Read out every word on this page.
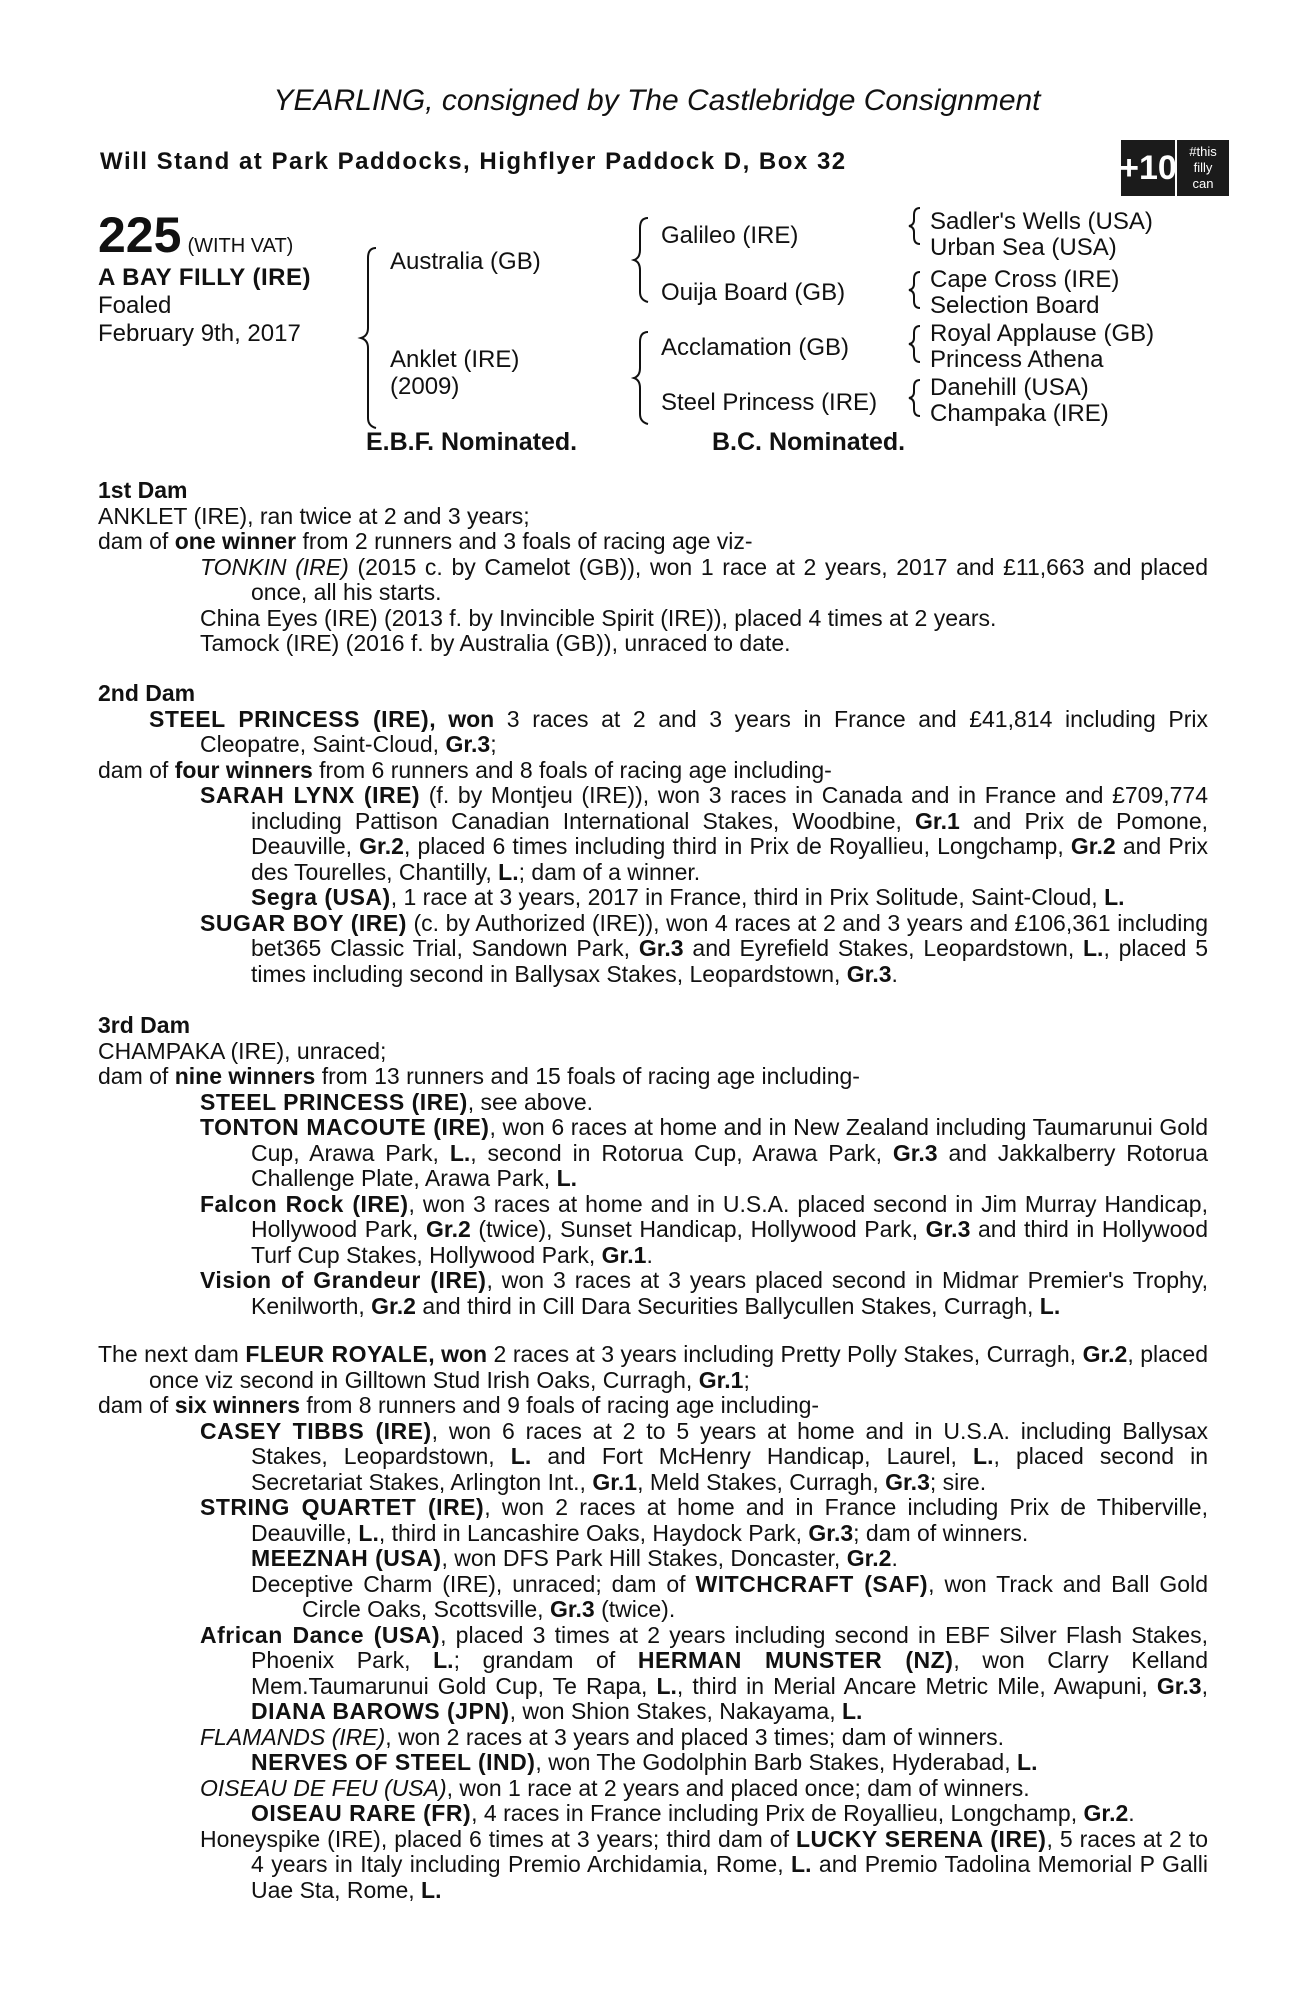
YEARLING, consigned by The Castlebridge Consignment
Will Stand at Park Paddocks, Highflyer Paddock D, Box 32	+10 #this
filly
can
225 (WITH VAT)
A BAY FILLY (IRE)
Foaled
February 9th, 2017
Australia (GB)
Anklet (IRE)
(2009)
Galileo (IRE)
Ouija Board (GB)
Acclamation (GB)
Steel Princess (IRE)
Sadler's Wells (USA)
Urban Sea (USA)
Cape Cross (IRE)
Selection Board
Royal Applause (GB)
Princess Athena
Danehill (USA)
Champaka (IRE)
E.B.F. Nominated.	B.C. Nominated.

1st Dam

ANKLET (IRE), ran twice at 2 and 3 years;

dam of one winner from 2 runners and 3 foals of racing age viz-

TONKIN (IRE) (2015 c. by Camelot (GB)), won 1 race at 2 years, 2017 and £11,663 and placed once, all his starts.

China Eyes (IRE) (2013 f. by Invincible Spirit (IRE)), placed 4 times at 2 years.

Tamock (IRE) (2016 f. by Australia (GB)), unraced to date.

2nd Dam

STEEL PRINCESS (IRE), won 3 races at 2 and 3 years in France and £41,814 including Prix Cleopatre, Saint-Cloud, Gr.3;

dam of four winners from 6 runners and 8 foals of racing age including-

SARAH LYNX (IRE) (f. by Montjeu (IRE)), won 3 races in Canada and in France and £709,774 including Pattison Canadian International Stakes, Woodbine, Gr.1 and Prix de Pomone, Deauville, Gr.2, placed 6 times including third in Prix de Royallieu, Longchamp, Gr.2 and Prix des Tourelles, Chantilly, L.; dam of a winner.

Segra (USA), 1 race at 3 years, 2017 in France, third in Prix Solitude, Saint-Cloud, L.

SUGAR BOY (IRE) (c. by Authorized (IRE)), won 4 races at 2 and 3 years and £106,361 including bet365 Classic Trial, Sandown Park, Gr.3 and Eyrefield Stakes, Leopardstown, L., placed 5 times including second in Ballysax Stakes, Leopardstown, Gr.3.

3rd Dam

CHAMPAKA (IRE), unraced;

dam of nine winners from 13 runners and 15 foals of racing age including-

STEEL PRINCESS (IRE), see above.

TONTON MACOUTE (IRE), won 6 races at home and in New Zealand including Taumarunui Gold Cup, Arawa Park, L., second in Rotorua Cup, Arawa Park, Gr.3 and Jakkalberry Rotorua Challenge Plate, Arawa Park, L.

Falcon Rock (IRE), won 3 races at home and in U.S.A. placed second in Jim Murray Handicap, Hollywood Park, Gr.2 (twice), Sunset Handicap, Hollywood Park, Gr.3 and third in Hollywood Turf Cup Stakes, Hollywood Park, Gr.1.

Vision of Grandeur (IRE), won 3 races at 3 years placed second in Midmar Premier's Trophy, Kenilworth, Gr.2 and third in Cill Dara Securities Ballycullen Stakes, Curragh, L.

The next dam FLEUR ROYALE, won 2 races at 3 years including Pretty Polly Stakes, Curragh, Gr.2, placed once viz second in Gilltown Stud Irish Oaks, Curragh, Gr.1;

dam of six winners from 8 runners and 9 foals of racing age including-

CASEY TIBBS (IRE), won 6 races at 2 to 5 years at home and in U.S.A. including Ballysax Stakes, Leopardstown, L. and Fort McHenry Handicap, Laurel, L., placed second in Secretariat Stakes, Arlington Int., Gr.1, Meld Stakes, Curragh, Gr.3; sire.

STRING QUARTET (IRE), won 2 races at home and in France including Prix de Thiberville, Deauville, L., third in Lancashire Oaks, Haydock Park, Gr.3; dam of winners.

MEEZNAH (USA), won DFS Park Hill Stakes, Doncaster, Gr.2.

Deceptive Charm (IRE), unraced; dam of WITCHCRAFT (SAF), won Track and Ball Gold Circle Oaks, Scottsville, Gr.3 (twice).

African Dance (USA), placed 3 times at 2 years including second in EBF Silver Flash Stakes, Phoenix Park, L.; grandam of HERMAN MUNSTER (NZ), won Clarry Kelland Mem.Taumarunui Gold Cup, Te Rapa, L., third in Merial Ancare Metric Mile, Awapuni, Gr.3, DIANA BAROWS (JPN), won Shion Stakes, Nakayama, L.

FLAMANDS (IRE), won 2 races at 3 years and placed 3 times; dam of winners.

NERVES OF STEEL (IND), won The Godolphin Barb Stakes, Hyderabad, L.

OISEAU DE FEU (USA), won 1 race at 2 years and placed once; dam of winners.

OISEAU RARE (FR), 4 races in France including Prix de Royallieu, Longchamp, Gr.2.

Honeyspike (IRE), placed 6 times at 3 years; third dam of LUCKY SERENA (IRE), 5 races at 2 to 4 years in Italy including Premio Archidamia, Rome, L. and Premio Tadolina Memorial P Galli Uae Sta, Rome, L.
